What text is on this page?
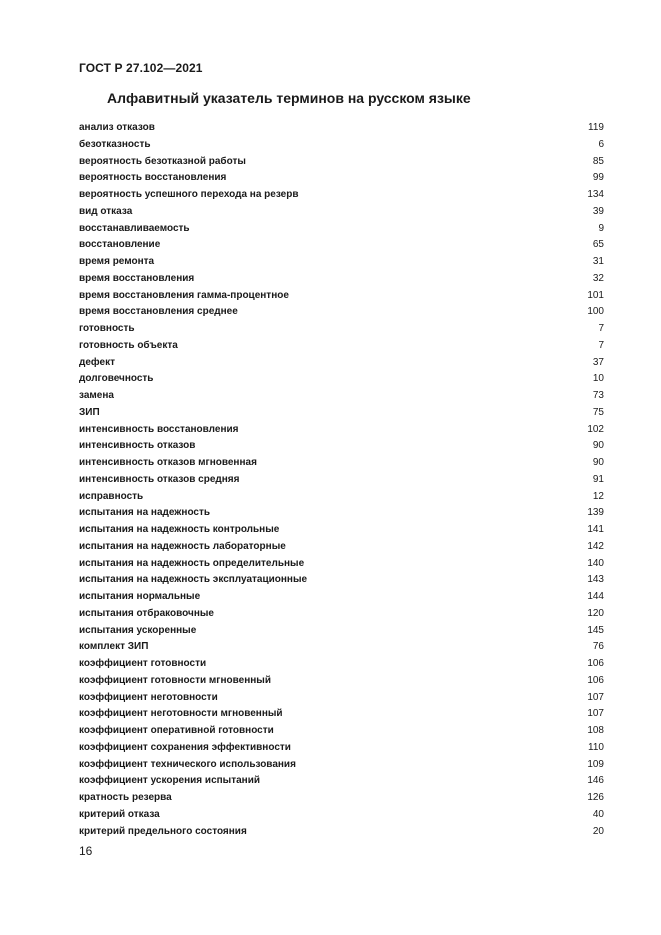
ГОСТ Р 27.102—2021
Алфавитный указатель терминов на русском языке
анализ отказов	119
безотказность	6
вероятность безотказной работы	85
вероятность восстановления	99
вероятность успешного перехода на резерв	134
вид отказа	39
восстанавливаемость	9
восстановление	65
время ремонта	31
время восстановления	32
время восстановления гамма-процентное	101
время восстановления среднее	100
готовность	7
готовность объекта	7
дефект	37
долговечность	10
замена	73
ЗИП	75
интенсивность восстановления	102
интенсивность отказов	90
интенсивность отказов мгновенная	90
интенсивность отказов средняя	91
исправность	12
испытания на надежность	139
испытания на надежность контрольные	141
испытания на надежность лабораторные	142
испытания на надежность определительные	140
испытания на надежность эксплуатационные	143
испытания нормальные	144
испытания отбраковочные	120
испытания ускоренные	145
комплект ЗИП	76
коэффициент готовности	106
коэффициент готовности мгновенный	106
коэффициент неготовности	107
коэффициент неготовности мгновенный	107
коэффициент оперативной готовности	108
коэффициент сохранения эффективности	110
коэффициент технического использования	109
коэффициент ускорения испытаний	146
кратность резерва	126
критерий отказа	40
критерий предельного состояния	20
16
